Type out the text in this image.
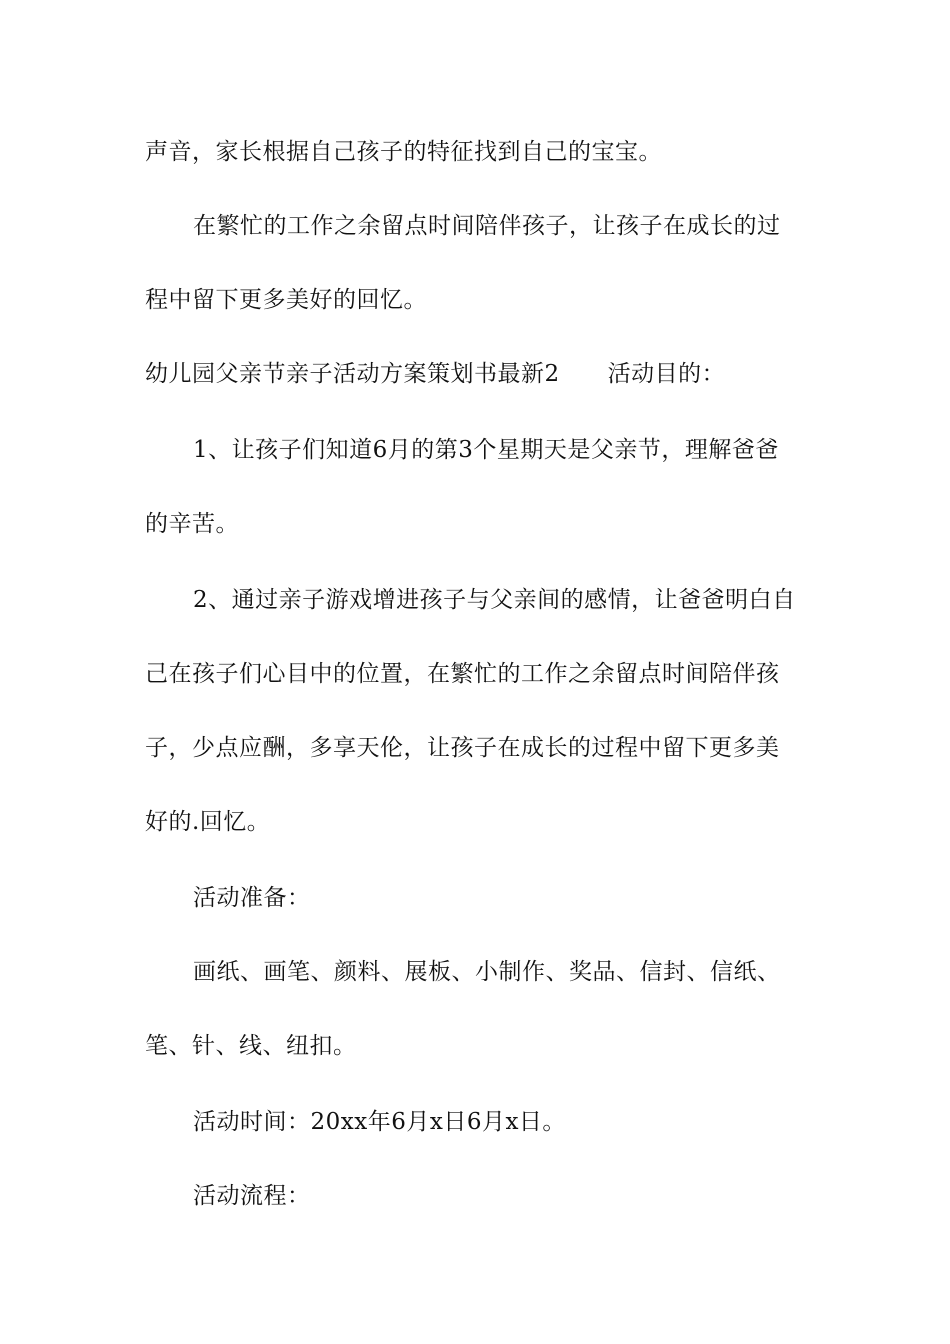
声音，家长根据自己孩子的特征找到自己的宝宝。
在繁忙的工作之余留点时间陪伴孩子，让孩子在成长的过
程中留下更多美好的回忆。
幼儿园父亲节亲子活动方案策划书最新2 活动目的：
1、让孩子们知道6月的第3个星期天是父亲节，理解爸爸
的辛苦。
2、通过亲子游戏增进孩子与父亲间的感情，让爸爸明白自
己在孩子们心目中的位置，在繁忙的工作之余留点时间陪伴孩
子，少点应酬，多享天伦，让孩子在成长的过程中留下更多美
好的.回忆。
活动准备：
画纸、画笔、颜料、展板、小制作、奖品、信封、信纸、
笔、针、线、纽扣。
活动时间：20xx年6月x日6月x日。
活动流程：
